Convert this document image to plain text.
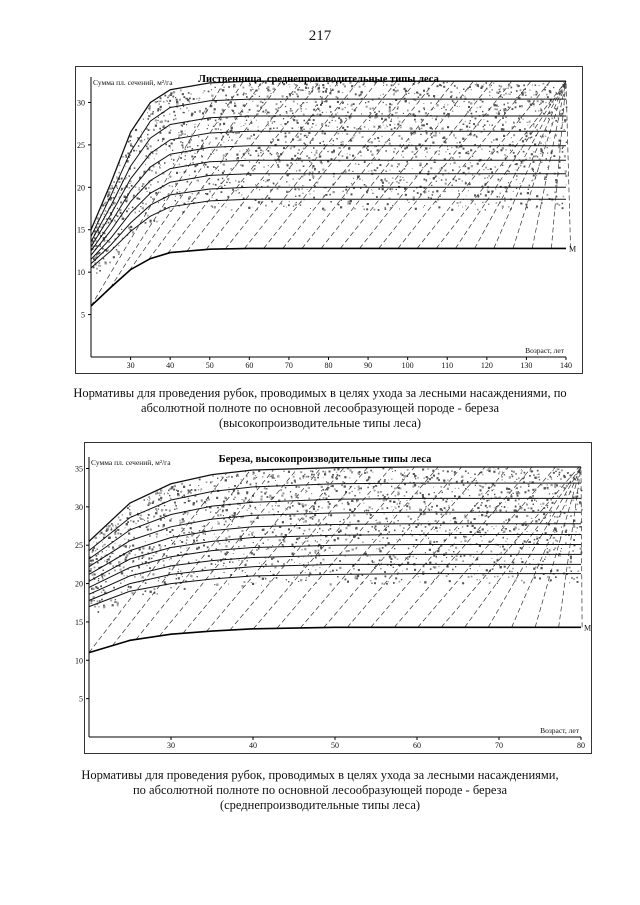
217
M
5
10
15
20
25
30
30	40	50	60	70	80	90	100	110	120	130	140
Сумма пл. сечений, м²/га
Возраст, лет
Лиственница, среднепроизводительные типы леса
Нормативы для проведения рубок, проводимых в целях ухода за лесными насаждениями, по
абсолютной полноте по основной лесообразующей породе - береза
(высокопроизводительные типы леса)
M
5
10
15
20
25
30
35
30	40	50	60	70	80
Сумма пл. сечений, м²/га
Возраст, лет
Береза, высокопроизводительные типы леса
Нормативы для проведения рубок, проводимых в целях ухода за лесными насаждениями,
по абсолютной полноте по основной лесообразующей породе - береза
(среднепроизводительные типы леса)
